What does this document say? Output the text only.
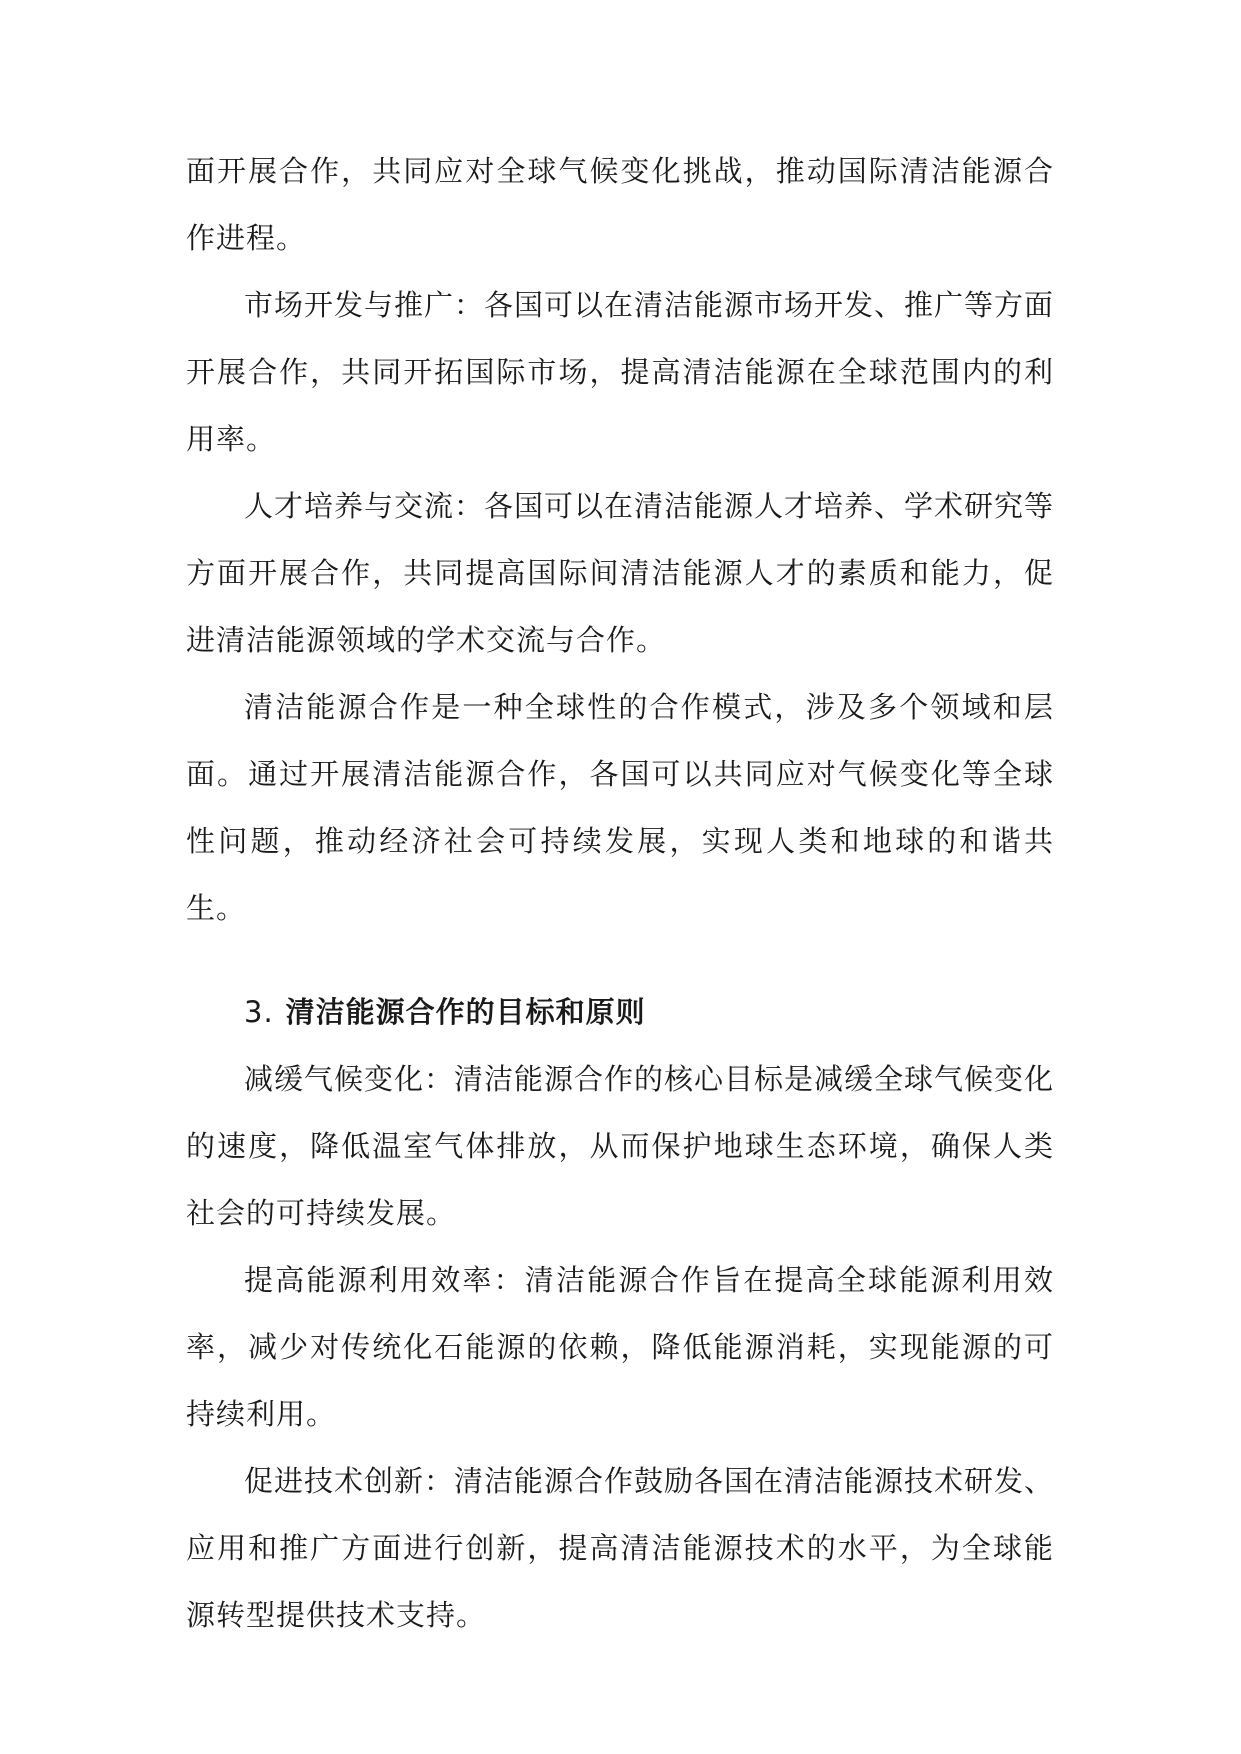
面开展合作，共同应对全球气候变化挑战，推动国际清洁能源合作进程。

市场开发与推广：各国可以在清洁能源市场开发、推广等方面开展合作，共同开拓国际市场，提高清洁能源在全球范围内的利用率。

人才培养与交流：各国可以在清洁能源人才培养、学术研究等方面开展合作，共同提高国际间清洁能源人才的素质和能力，促进清洁能源领域的学术交流与合作。

清洁能源合作是一种全球性的合作模式，涉及多个领域和层面。通过开展清洁能源合作，各国可以共同应对气候变化等全球性问题，推动经济社会可持续发展，实现人类和地球的和谐共生。

3. 清洁能源合作的目标和原则

减缓气候变化：清洁能源合作的核心目标是减缓全球气候变化的速度，降低温室气体排放，从而保护地球生态环境，确保人类社会的可持续发展。

提高能源利用效率：清洁能源合作旨在提高全球能源利用效率，减少对传统化石能源的依赖，降低能源消耗，实现能源的可持续利用。

促进技术创新：清洁能源合作鼓励各国在清洁能源技术研发、应用和推广方面进行创新，提高清洁能源技术的水平，为全球能源转型提供技术支持。
